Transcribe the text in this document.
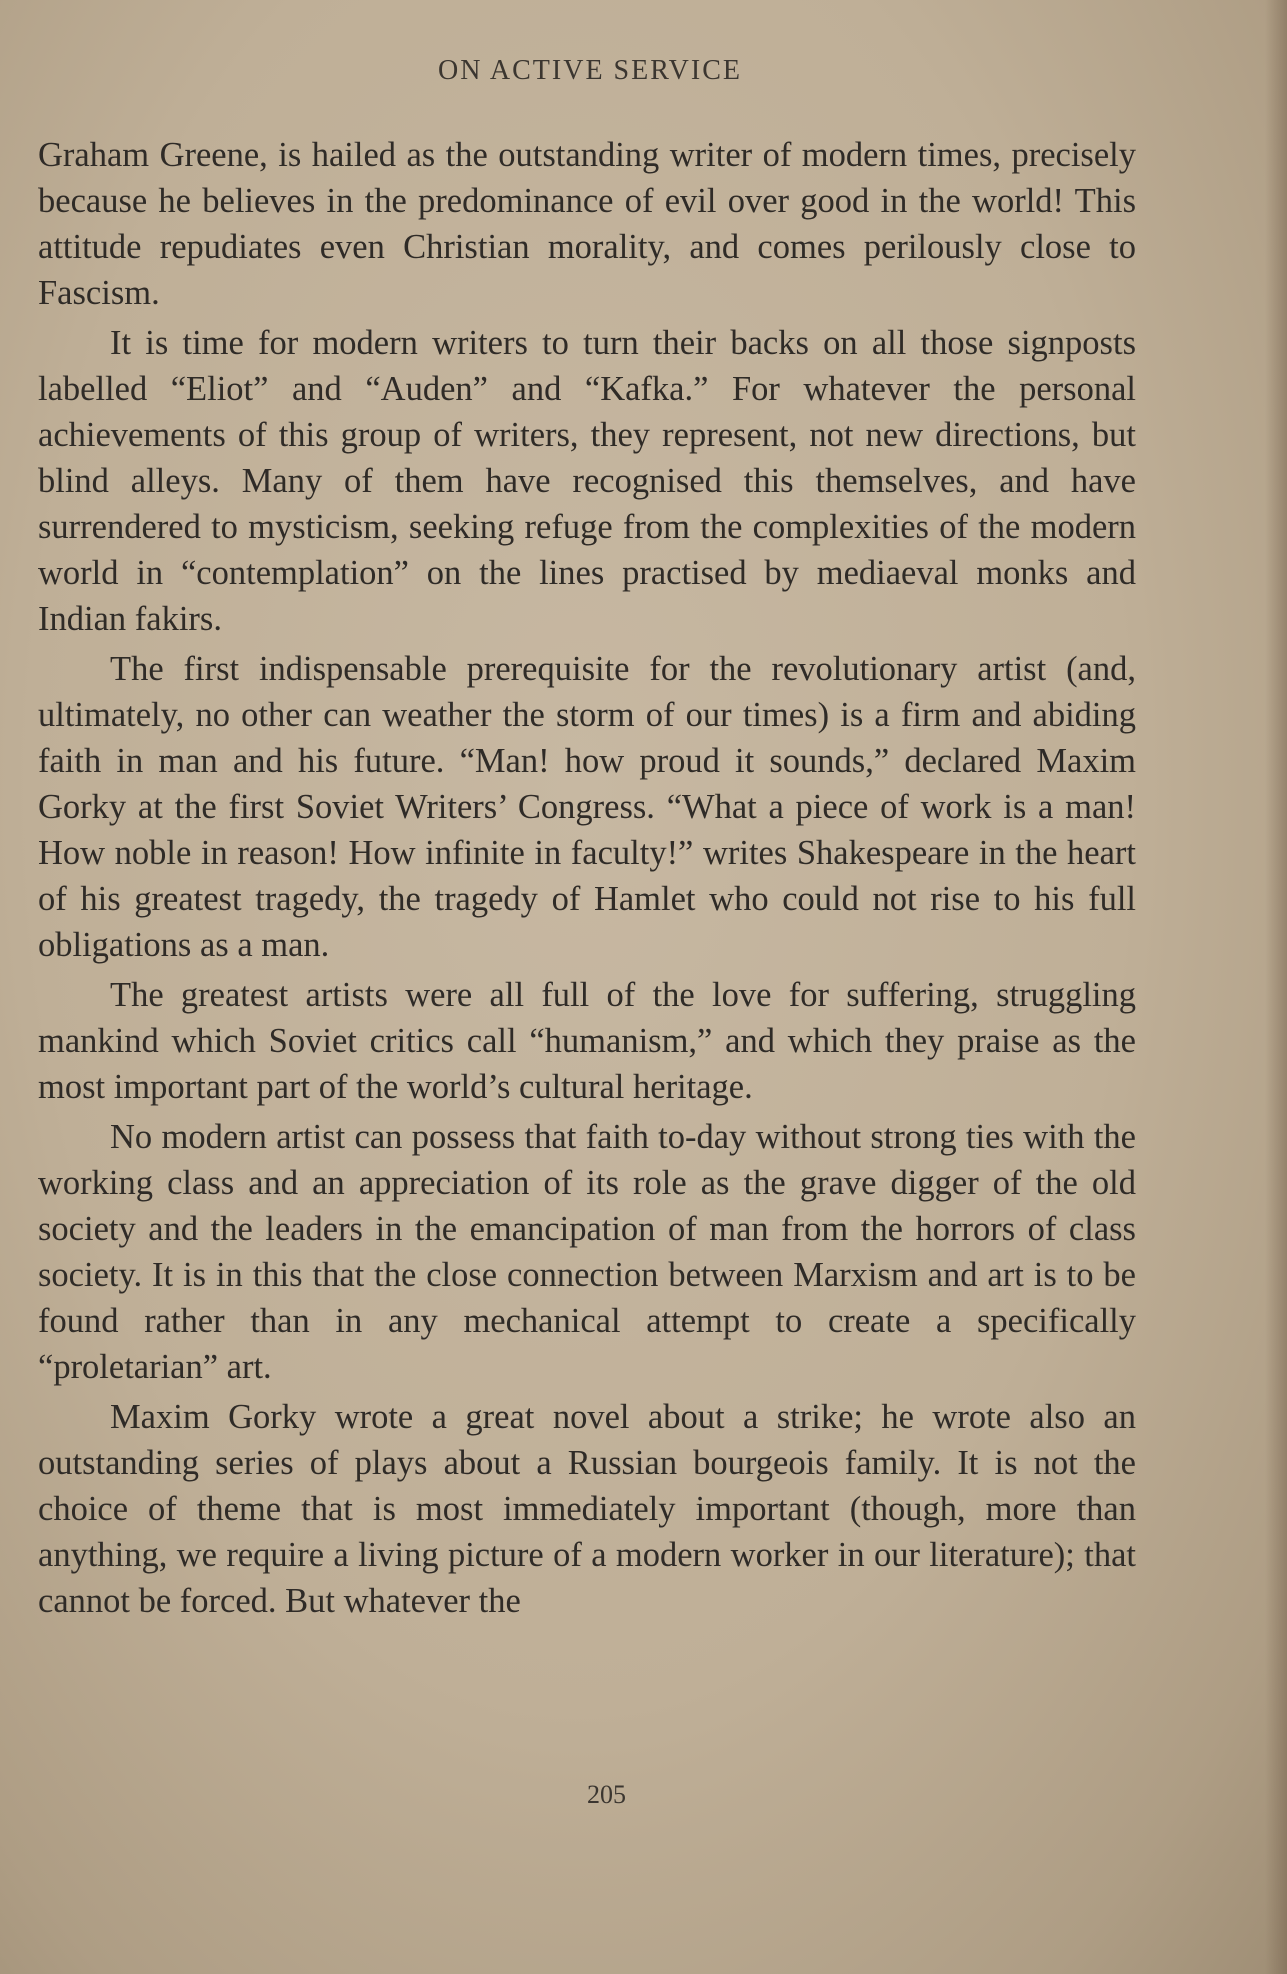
ON ACTIVE SERVICE

Graham Greene, is hailed as the outstanding writer of modern times, precisely because he believes in the predominance of evil over good in the world! This attitude repudiates even Christian morality, and comes perilously close to Fascism.

It is time for modern writers to turn their backs on all those signposts labelled “Eliot” and “Auden” and “Kafka.” For whatever the personal achievements of this group of writers, they represent, not new directions, but blind alleys. Many of them have recognised this themselves, and have surrendered to mysticism, seeking refuge from the complexities of the modern world in “contemplation” on the lines practised by mediaeval monks and Indian fakirs.

The first indispensable prerequisite for the revolutionary artist (and, ultimately, no other can weather the storm of our times) is a firm and abiding faith in man and his future. “Man! how proud it sounds,” declared Maxim Gorky at the first Soviet Writers’ Congress. “What a piece of work is a man! How noble in reason! How infinite in faculty!” writes Shakespeare in the heart of his greatest tragedy, the tragedy of Hamlet who could not rise to his full obligations as a man.

The greatest artists were all full of the love for suffering, struggling mankind which Soviet critics call “humanism,” and which they praise as the most important part of the world’s cultural heritage.

No modern artist can possess that faith to-day without strong ties with the working class and an appreciation of its role as the grave digger of the old society and the leaders in the emancipation of man from the horrors of class society. It is in this that the close connection between Marxism and art is to be found rather than in any mechanical attempt to create a specifically “proletarian” art.

Maxim Gorky wrote a great novel about a strike; he wrote also an outstanding series of plays about a Russian bourgeois family. It is not the choice of theme that is most immediately important (though, more than anything, we require a living picture of a modern worker in our literature); that cannot be forced. But whatever the

205
